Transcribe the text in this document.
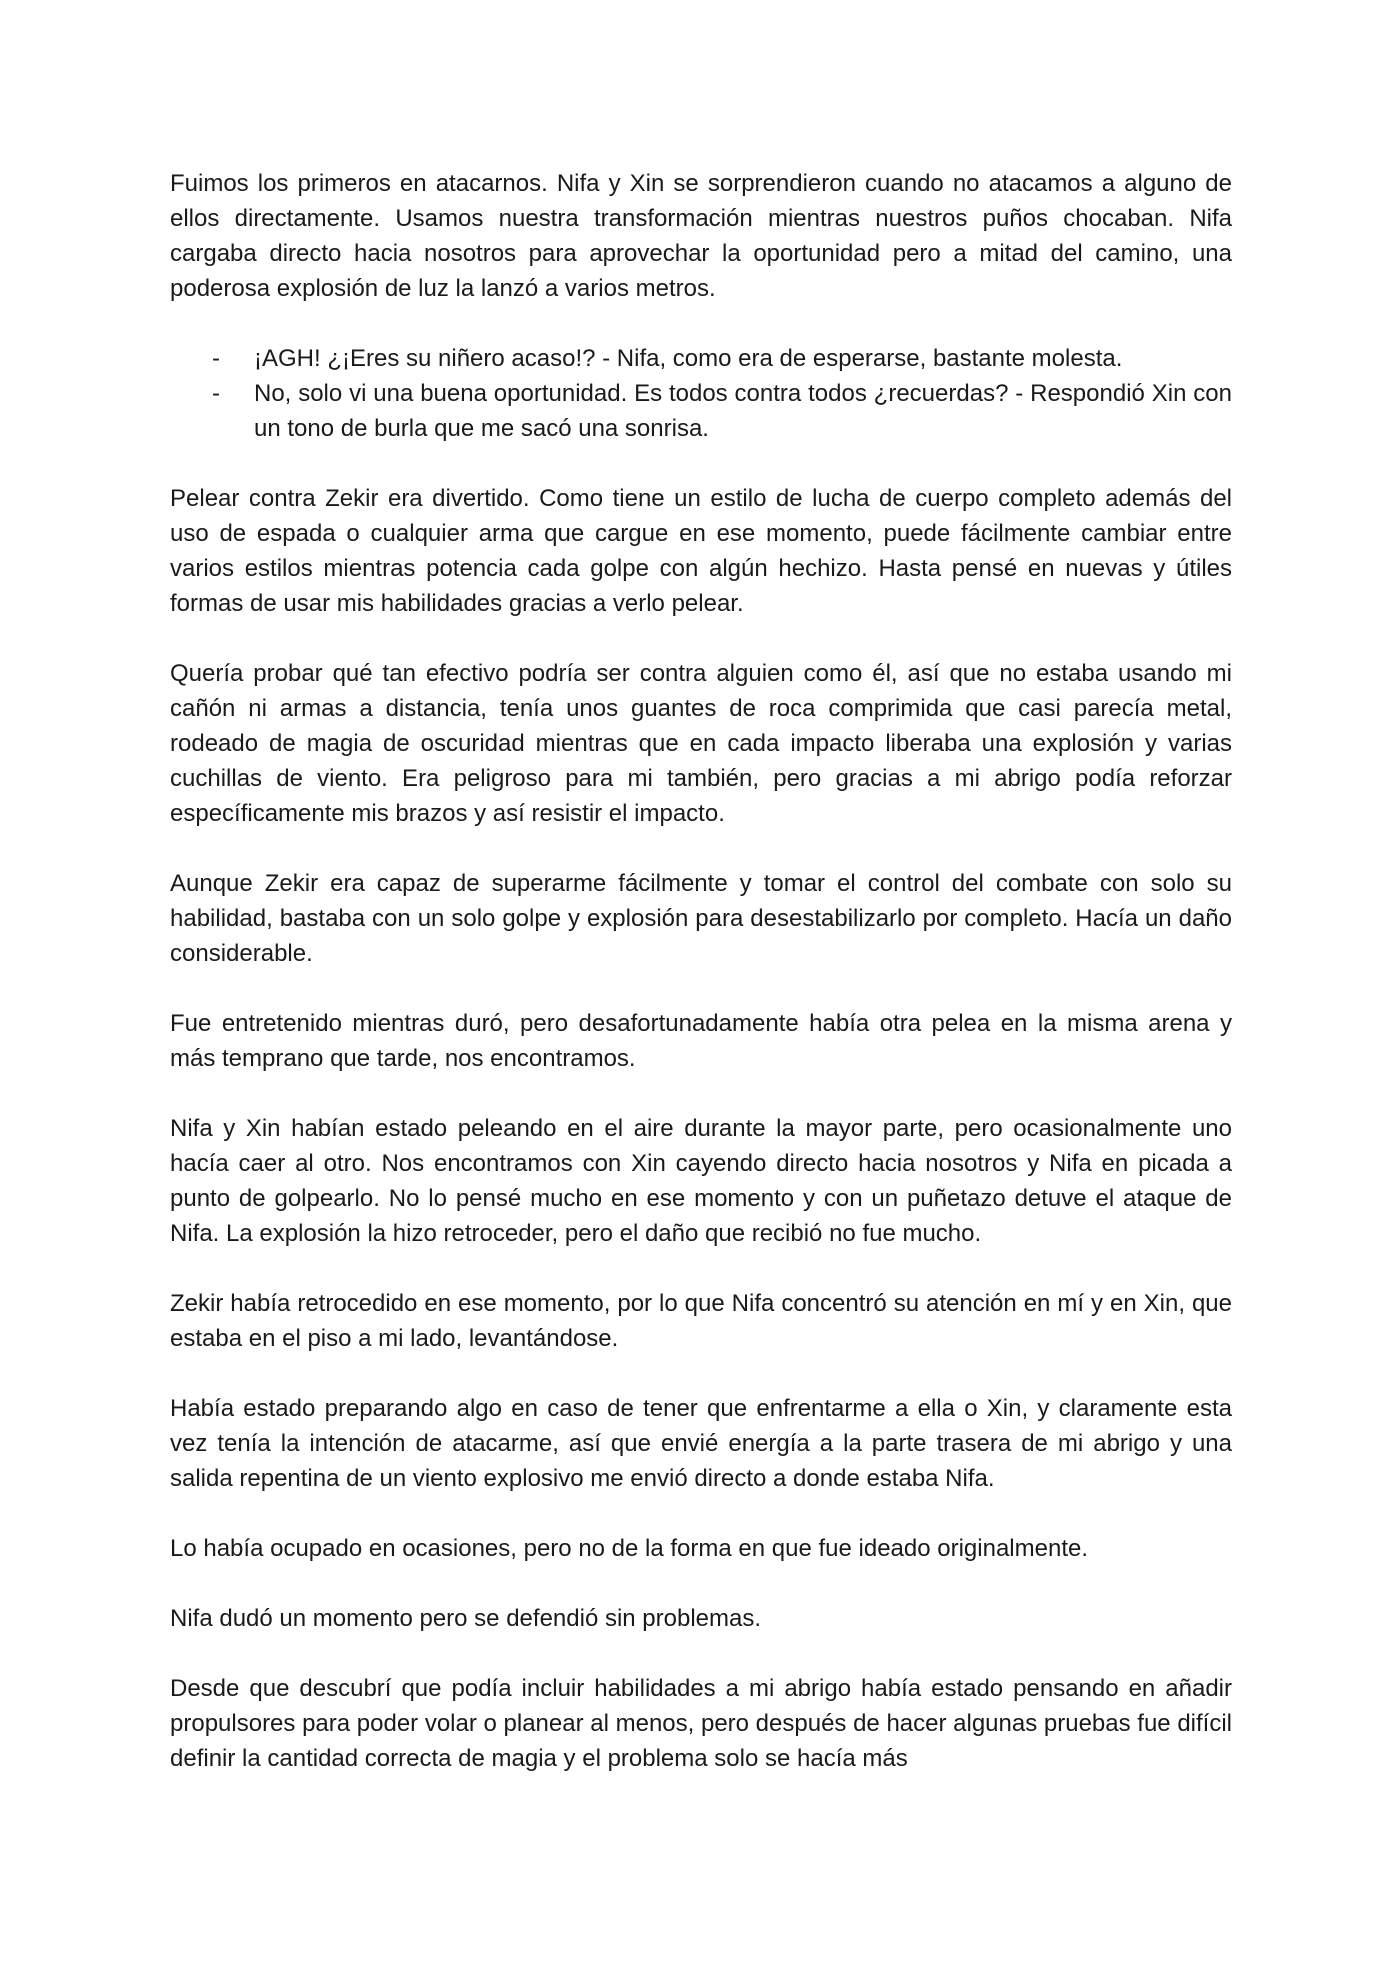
Fuimos los primeros en atacarnos. Nifa y Xin se sorprendieron cuando no atacamos a alguno de ellos directamente. Usamos nuestra transformación mientras nuestros puños chocaban. Nifa cargaba directo hacia nosotros para aprovechar la oportunidad pero a mitad del camino, una poderosa explosión de luz la lanzó a varios metros.

- ¡AGH! ¿¡Eres su niñero acaso!? - Nifa, como era de esperarse, bastante molesta.
- No, solo vi una buena oportunidad. Es todos contra todos ¿recuerdas? - Respondió Xin con un tono de burla que me sacó una sonrisa.

Pelear contra Zekir era divertido. Como tiene un estilo de lucha de cuerpo completo además del uso de espada o cualquier arma que cargue en ese momento, puede fácilmente cambiar entre varios estilos mientras potencia cada golpe con algún hechizo. Hasta pensé en nuevas y útiles formas de usar mis habilidades gracias a verlo pelear.

Quería probar qué tan efectivo podría ser contra alguien como él, así que no estaba usando mi cañón ni armas a distancia, tenía unos guantes de roca comprimida que casi parecía metal, rodeado de magia de oscuridad mientras que en cada impacto liberaba una explosión y varias cuchillas de viento. Era peligroso para mi también, pero gracias a mi abrigo podía reforzar específicamente mis brazos y así resistir el impacto.

Aunque Zekir era capaz de superarme fácilmente y tomar el control del combate con solo su habilidad, bastaba con un solo golpe y explosión para desestabilizarlo por completo. Hacía un daño considerable.

Fue entretenido mientras duró, pero desafortunadamente había otra pelea en la misma arena y más temprano que tarde, nos encontramos.

Nifa y Xin habían estado peleando en el aire durante la mayor parte, pero ocasionalmente uno hacía caer al otro. Nos encontramos con Xin cayendo directo hacia nosotros y Nifa en picada a punto de golpearlo. No lo pensé mucho en ese momento y con un puñetazo detuve el ataque de Nifa. La explosión la hizo retroceder, pero el daño que recibió no fue mucho.

Zekir había retrocedido en ese momento, por lo que Nifa concentró su atención en mí y en Xin, que estaba en el piso a mi lado, levantándose.

Había estado preparando algo en caso de tener que enfrentarme a ella o Xin, y claramente esta vez tenía la intención de atacarme, así que envié energía a la parte trasera de mi abrigo y una salida repentina de un viento explosivo me envió directo a donde estaba Nifa.

Lo había ocupado en ocasiones, pero no de la forma en que fue ideado originalmente.

Nifa dudó un momento pero se defendió sin problemas.

Desde que descubrí que podía incluir habilidades a mi abrigo había estado pensando en añadir propulsores para poder volar o planear al menos, pero después de hacer algunas pruebas fue difícil definir la cantidad correcta de magia y el problema solo se hacía más
